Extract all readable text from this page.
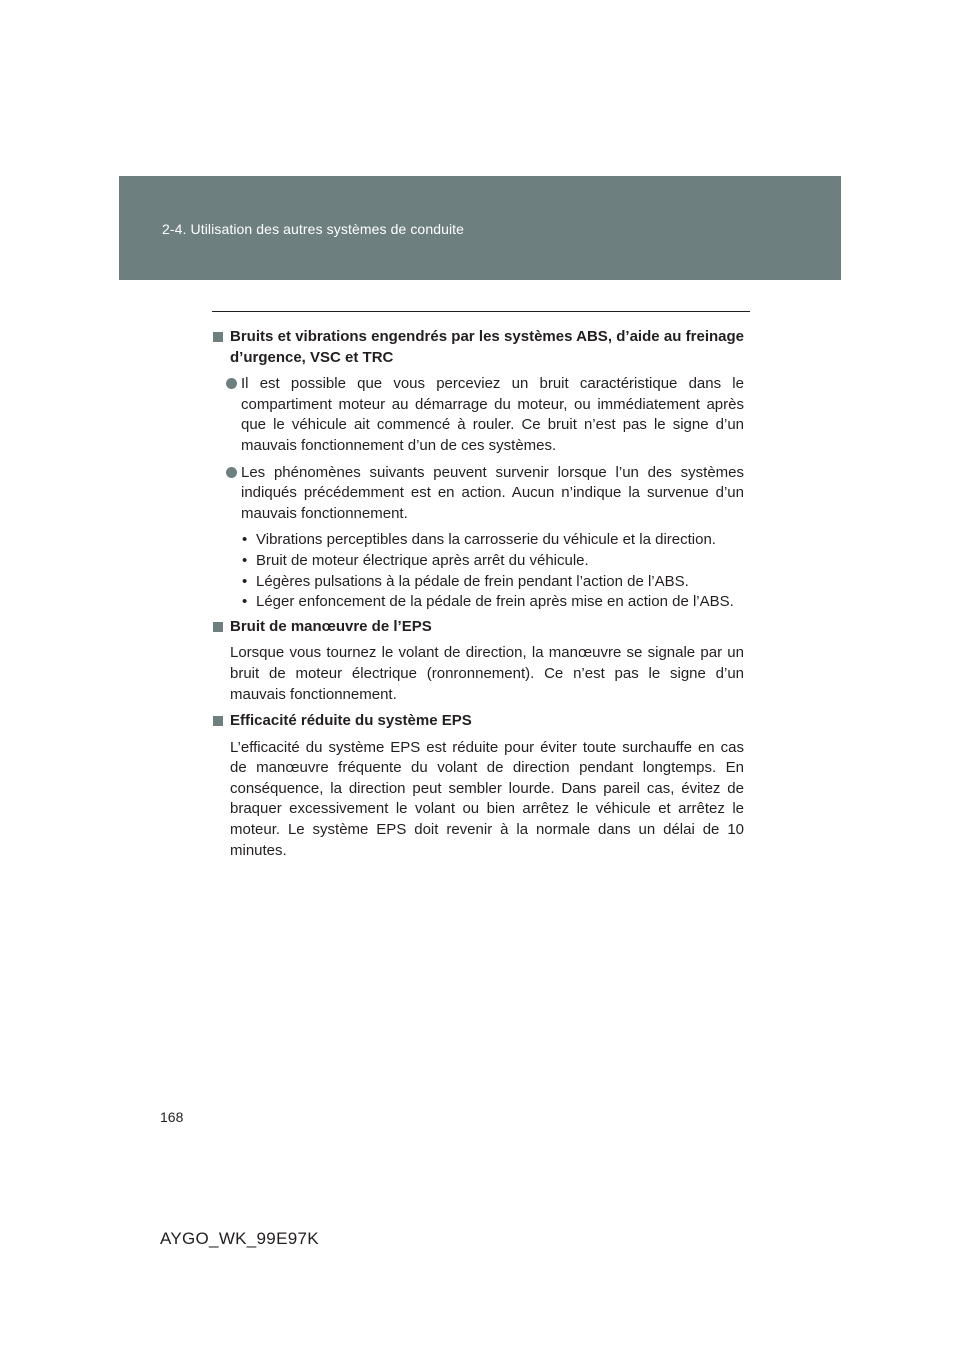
2-4. Utilisation des autres systèmes de conduite
Bruits et vibrations engendrés par les systèmes ABS, d’aide au freinage d’urgence, VSC et TRC
Il est possible que vous perceviez un bruit caractéristique dans le compartiment moteur au démarrage du moteur, ou immédiatement après que le véhicule ait commencé à rouler. Ce bruit n’est pas le signe d’un mauvais fonctionnement d’un de ces systèmes.
Les phénomènes suivants peuvent survenir lorsque l’un des systèmes indiqués précédemment est en action. Aucun n’indique la survenue d’un mauvais fonctionnement.
• Vibrations perceptibles dans la carrosserie du véhicule et la direction.
• Bruit de moteur électrique après arrêt du véhicule.
• Légères pulsations à la pédale de frein pendant l’action de l’ABS.
• Léger enfoncement de la pédale de frein après mise en action de l’ABS.
Bruit de manœuvre de l’EPS
Lorsque vous tournez le volant de direction, la manœuvre se signale par un bruit de moteur électrique (ronronnement). Ce n’est pas le signe d’un mauvais fonctionnement.
Efficacité réduite du système EPS
L’efficacité du système EPS est réduite pour éviter toute surchauffe en cas de manœuvre fréquente du volant de direction pendant longtemps. En conséquence, la direction peut sembler lourde. Dans pareil cas, évitez de braquer excessivement le volant ou bien arrêtez le véhicule et arrêtez le moteur. Le système EPS doit revenir à la normale dans un délai de 10 minutes.
168
AYGO_WK_99E97K
